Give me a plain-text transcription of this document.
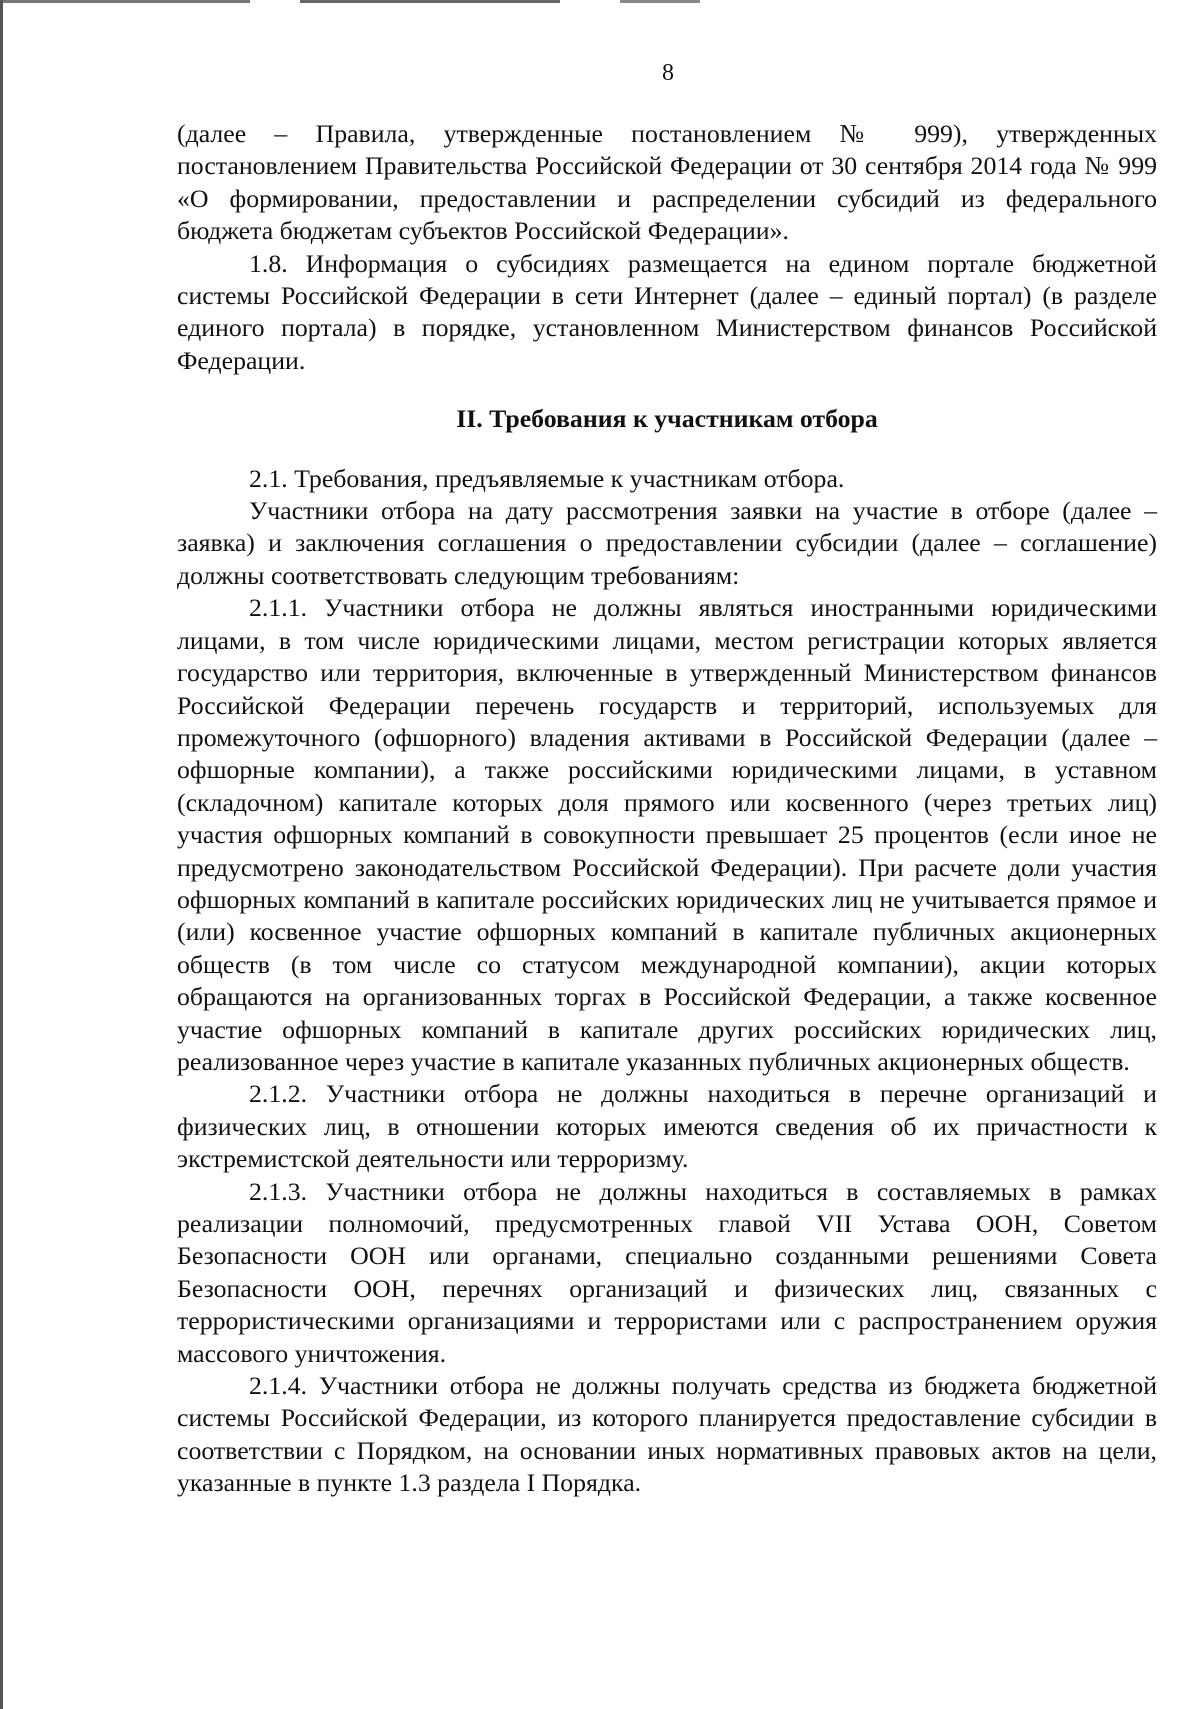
8

(далее – Правила, утвержденные постановлением № 999), утвержденных постановлением Правительства Российской Федерации от 30 сентября 2014 года № 999 «О формировании, предоставлении и распределении субсидий из федерального бюджета бюджетам субъектов Российской Федерации».

1.8. Информация о субсидиях размещается на едином портале бюджетной системы Российской Федерации в сети Интернет (далее – единый портал) (в разделе единого портала) в порядке, установленном Министерством финансов Российской Федерации.

II. Требования к участникам отбора

2.1. Требования, предъявляемые к участникам отбора.

Участники отбора на дату рассмотрения заявки на участие в отборе (далее – заявка) и заключения соглашения о предоставлении субсидии (далее – соглашение) должны соответствовать следующим требованиям:

2.1.1. Участники отбора не должны являться иностранными юридическими лицами, в том числе юридическими лицами, местом регистрации которых является государство или территория, включенные в утвержденный Министерством финансов Российской Федерации перечень государств и территорий, используемых для промежуточного (офшорного) владения активами в Российской Федерации (далее – офшорные компании), а также российскими юридическими лицами, в уставном (складочном) капитале которых доля прямого или косвенного (через третьих лиц) участия офшорных компаний в совокупности превышает 25 процентов (если иное не предусмотрено законодательством Российской Федерации). При расчете доли участия офшорных компаний в капитале российских юридических лиц не учитывается прямое и (или) косвенное участие офшорных компаний в капитале публичных акционерных обществ (в том числе со статусом международной компании), акции которых обращаются на организованных торгах в Российской Федерации, а также косвенное участие офшорных компаний в капитале других российских юридических лиц, реализованное через участие в капитале указанных публичных акционерных обществ.

2.1.2. Участники отбора не должны находиться в перечне организаций и физических лиц, в отношении которых имеются сведения об их причастности к экстремистской деятельности или терроризму.

2.1.3. Участники отбора не должны находиться в составляемых в рамках реализации полномочий, предусмотренных главой VII Устава ООН, Советом Безопасности ООН или органами, специально созданными решениями Совета Безопасности ООН, перечнях организаций и физических лиц, связанных с террористическими организациями и террористами или с распространением оружия массового уничтожения.

2.1.4. Участники отбора не должны получать средства из бюджета бюджетной системы Российской Федерации, из которого планируется предоставление субсидии в соответствии с Порядком, на основании иных нормативных правовых актов на цели, указанные в пункте 1.3 раздела I Порядка.
